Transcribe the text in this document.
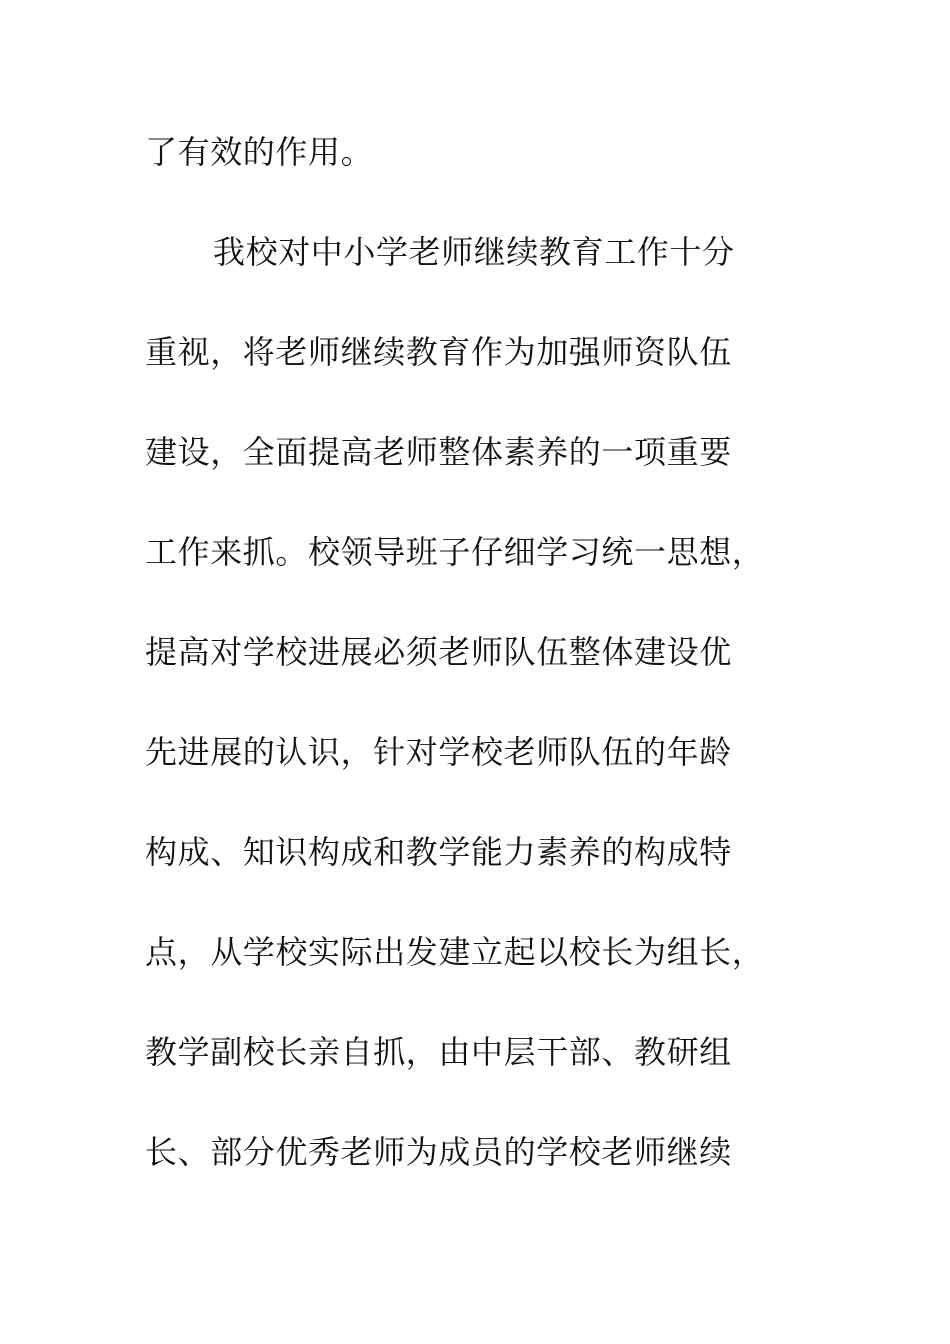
了有效的作用。
我校对中小学老师继续教育工作十分
重视，将老师继续教育作为加强师资队伍
建设，全面提高老师整体素养的一项重要
工作来抓。校领导班子仔细学习统一思想，
提高对学校进展必须老师队伍整体建设优
先进展的认识，针对学校老师队伍的年龄
构成、知识构成和教学能力素养的构成特
点，从学校实际出发建立起以校长为组长，
教学副校长亲自抓，由中层干部、教研组
长、部分优秀老师为成员的学校老师继续
